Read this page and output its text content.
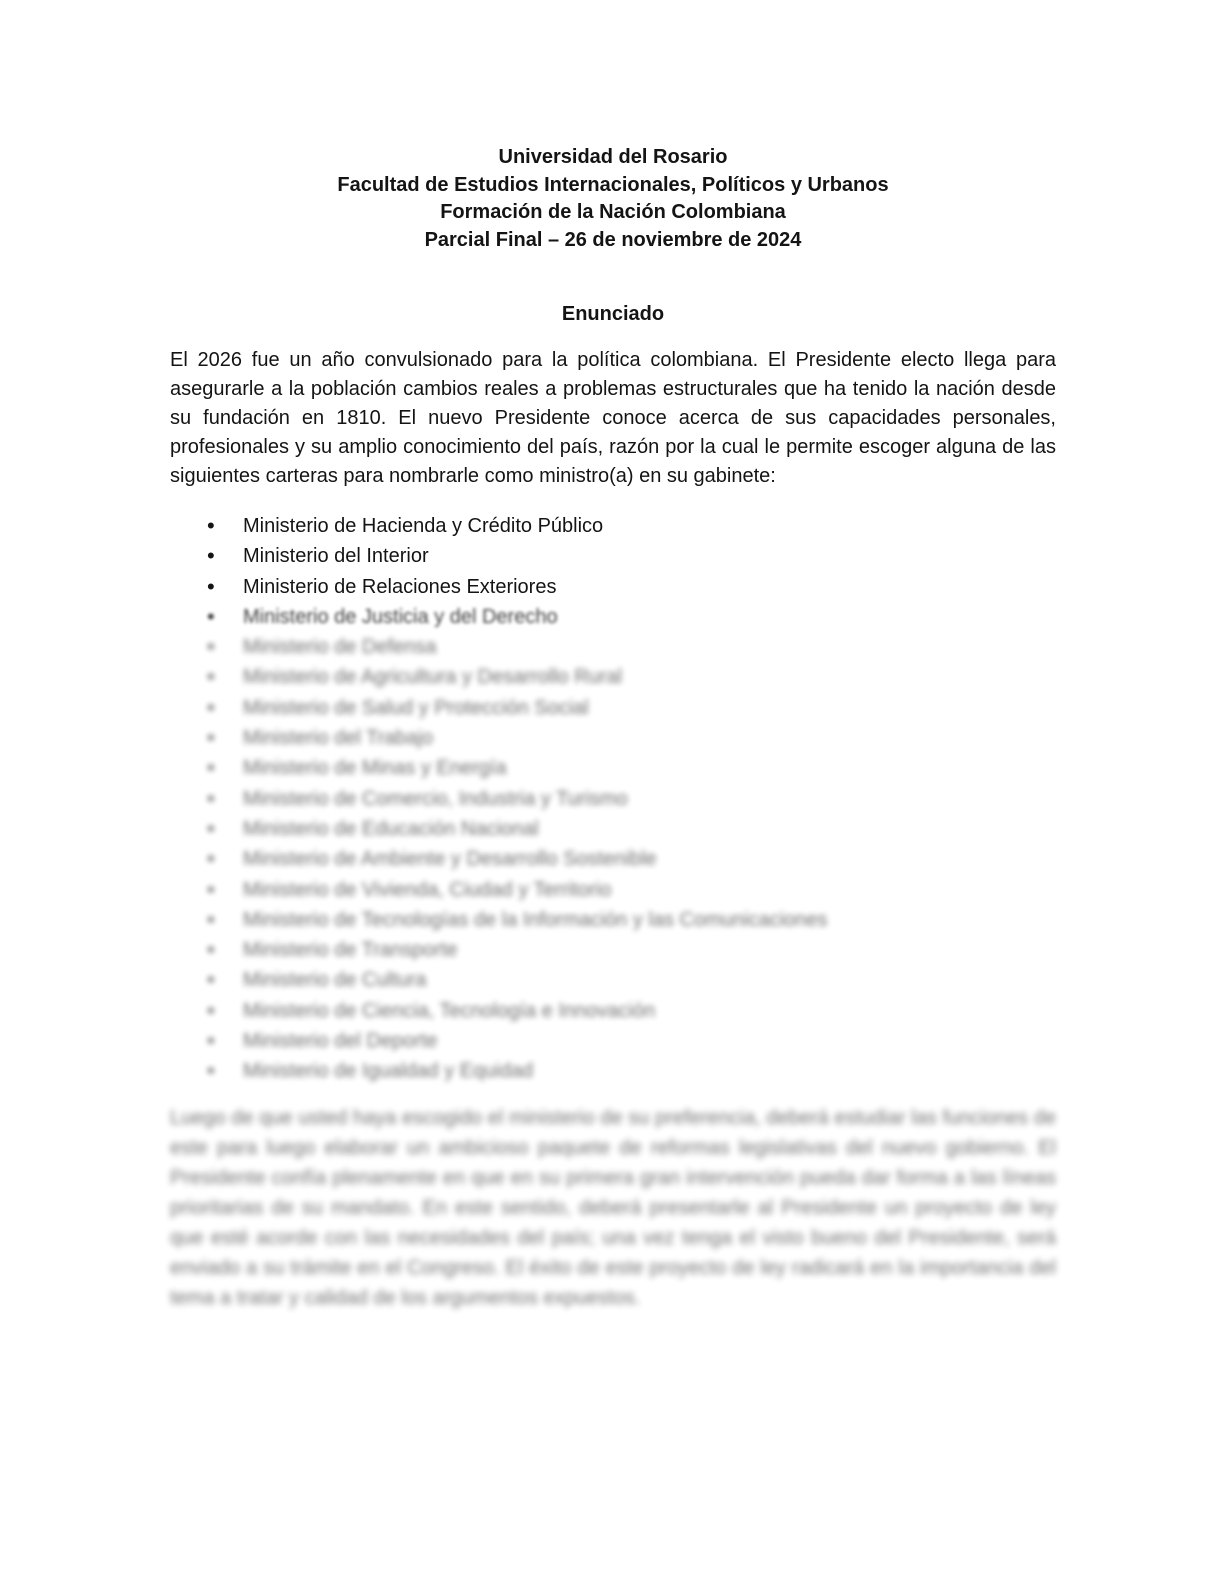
Universidad del Rosario
Facultad de Estudios Internacionales, Políticos y Urbanos
Formación de la Nación Colombiana
Parcial Final – 26 de noviembre de 2024
Enunciado

El 2026 fue un año convulsionado para la política colombiana. El Presidente electo llega para asegurarle a la población cambios reales a problemas estructurales que ha tenido la nación desde su fundación en 1810. El nuevo Presidente conoce acerca de sus capacidades personales, profesionales y su amplio conocimiento del país, razón por la cual le permite escoger alguna de las siguientes carteras para nombrarle como ministro(a) en su gabinete:

• Ministerio de Hacienda y Crédito Público
• Ministerio del Interior
• Ministerio de Relaciones Exteriores
• Ministerio de Justicia y del Derecho
• Ministerio de Defensa
• Ministerio de Agricultura y Desarrollo Rural
• Ministerio de Salud y Protección Social
• Ministerio del Trabajo
• Ministerio de Minas y Energía
• Ministerio de Comercio, Industria y Turismo
• Ministerio de Educación Nacional
• Ministerio de Ambiente y Desarrollo Sostenible
• Ministerio de Vivienda, Ciudad y Territorio
• Ministerio de Tecnologías de la Información y las Comunicaciones
• Ministerio de Transporte
• Ministerio de Cultura
• Ministerio de Ciencia, Tecnología e Innovación
• Ministerio del Deporte
• Ministerio de Igualdad y Equidad

Luego de que usted haya escogido el ministerio de su preferencia, deberá estudiar las funciones de este para luego elaborar un ambicioso paquete de reformas legislativas del nuevo gobierno. El Presidente confía plenamente en que en su primera gran intervención pueda dar forma a las líneas prioritarias de su mandato. En este sentido, deberá presentarle al Presidente un proyecto de ley que esté acorde con las necesidades del país; una vez tenga el visto bueno del Presidente, será enviado a su trámite en el Congreso. El éxito de este proyecto de ley radicará en la importancia del tema a tratar y calidad de los argumentos expuestos.
